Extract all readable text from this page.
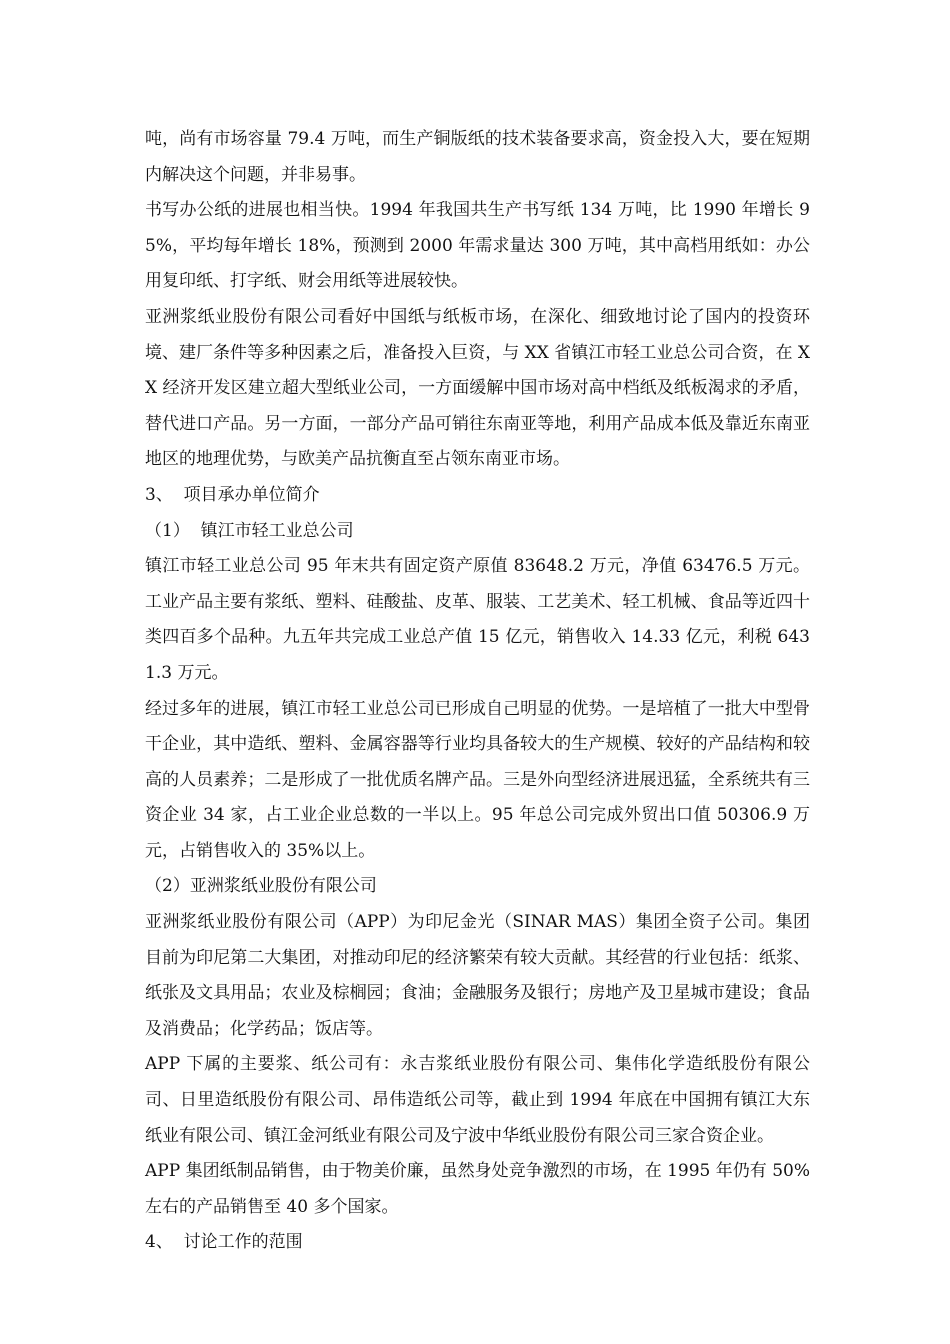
吨，尚有市场容量 79.4 万吨，而生产铜版纸的技术装备要求高，资金投入大，要在短期内解决这个问题，并非易事。

书写办公纸的进展也相当快。1994 年我国共生产书写纸 134 万吨，比 1990 年增长 95%，平均每年增长 18%，预测到 2000 年需求量达 300 万吨，其中高档用纸如：办公用复印纸、打字纸、财会用纸等进展较快。

亚洲浆纸业股份有限公司看好中国纸与纸板市场，在深化、细致地讨论了国内的投资环境、建厂条件等多种因素之后，准备投入巨资，与 XX 省镇江市轻工业总公司合资，在 XX 经济开发区建立超大型纸业公司，一方面缓解中国市场对高中档纸及纸板渴求的矛盾，替代进口产品。另一方面，一部分产品可销往东南亚等地，利用产品成本低及靠近东南亚地区的地理优势，与欧美产品抗衡直至占领东南亚市场。

3、  项目承办单位简介

（1）  镇江市轻工业总公司

镇江市轻工业总公司 95 年末共有固定资产原值 83648.2 万元，净值 63476.5 万元。工业产品主要有浆纸、塑料、硅酸盐、皮革、服装、工艺美术、轻工机械、食品等近四十类四百多个品种。九五年共完成工业总产值 15 亿元，销售收入 14.33 亿元，利税 6431.3 万元。

经过多年的进展，镇江市轻工业总公司已形成自己明显的优势。一是培植了一批大中型骨干企业，其中造纸、塑料、金属容器等行业均具备较大的生产规模、较好的产品结构和较高的人员素养；二是形成了一批优质名牌产品。三是外向型经济进展迅猛，全系统共有三资企业 34 家，占工业企业总数的一半以上。95 年总公司完成外贸出口值 50306.9 万元，占销售收入的 35%以上。

（2）亚洲浆纸业股份有限公司

亚洲浆纸业股份有限公司（APP）为印尼金光（SINAR MAS）集团全资子公司。集团目前为印尼第二大集团，对推动印尼的经济繁荣有较大贡献。其经营的行业包括：纸浆、纸张及文具用品；农业及棕榈园；食油；金融服务及银行；房地产及卫星城市建设；食品及消费品；化学药品；饭店等。

APP 下属的主要浆、纸公司有：永吉浆纸业股份有限公司、集伟化学造纸股份有限公司、日里造纸股份有限公司、昂伟造纸公司等，截止到 1994 年底在中国拥有镇江大东纸业有限公司、镇江金河纸业有限公司及宁波中华纸业股份有限公司三家合资企业。

APP 集团纸制品销售，由于物美价廉，虽然身处竞争激烈的市场，在 1995 年仍有 50%左右的产品销售至 40 多个国家。

4、  讨论工作的范围
